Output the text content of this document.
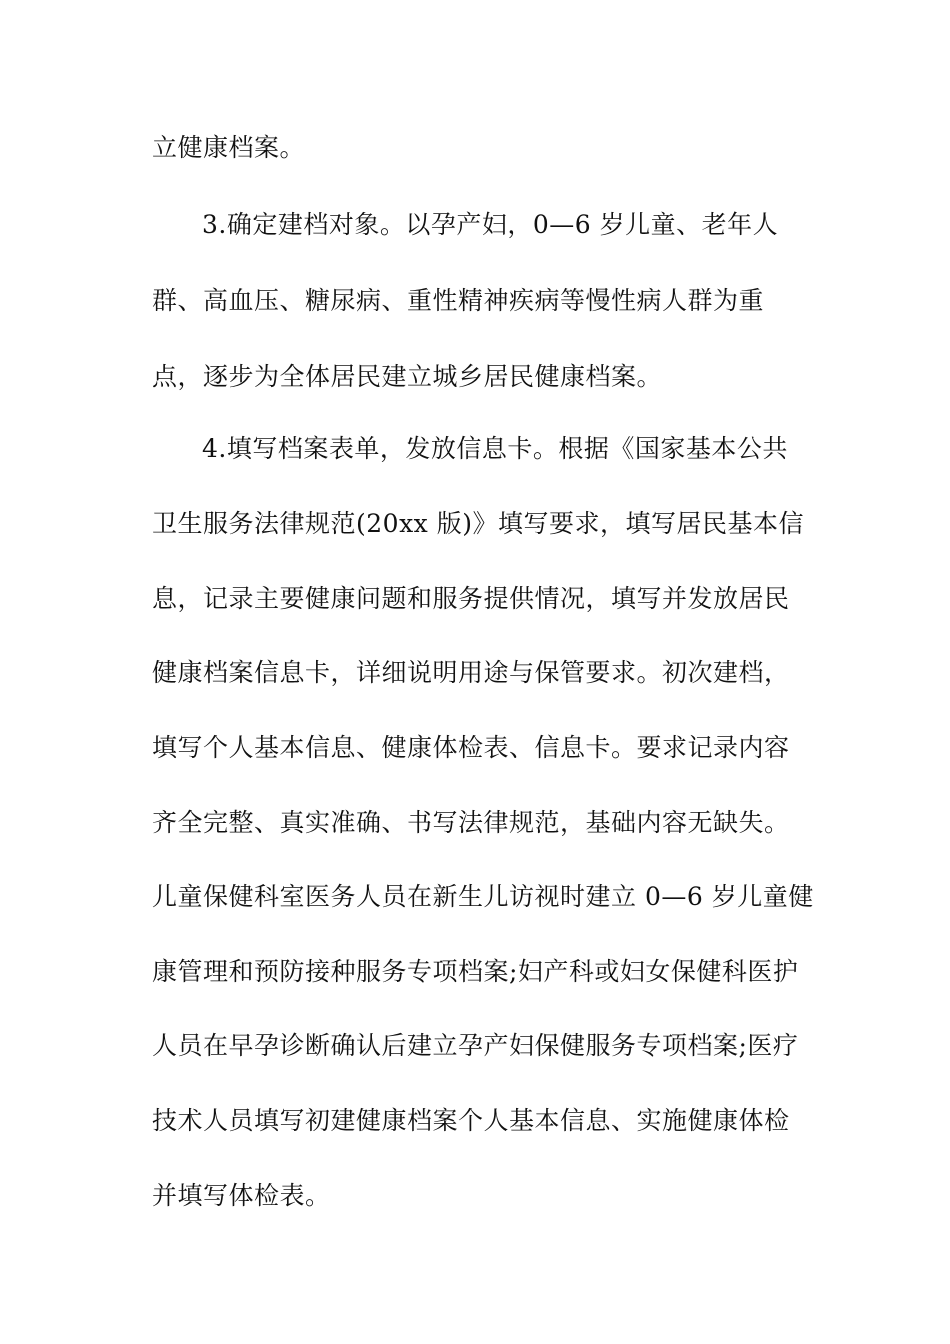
立健康档案。
3.确定建档对象。以孕产妇，0—6 岁儿童、老年人
群、高血压、糖尿病、重性精神疾病等慢性病人群为重
点，逐步为全体居民建立城乡居民健康档案。
4.填写档案表单，发放信息卡。根据《国家基本公共
卫生服务法律规范(20xx 版)》填写要求，填写居民基本信
息，记录主要健康问题和服务提供情况，填写并发放居民
健康档案信息卡，详细说明用途与保管要求。初次建档，
填写个人基本信息、健康体检表、信息卡。要求记录内容
齐全完整、真实准确、书写法律规范，基础内容无缺失。
儿童保健科室医务人员在新生儿访视时建立 0—6 岁儿童健
康管理和预防接种服务专项档案;妇产科或妇女保健科医护
人员在早孕诊断确认后建立孕产妇保健服务专项档案;医疗
技术人员填写初建健康档案个人基本信息、实施健康体检
并填写体检表。
